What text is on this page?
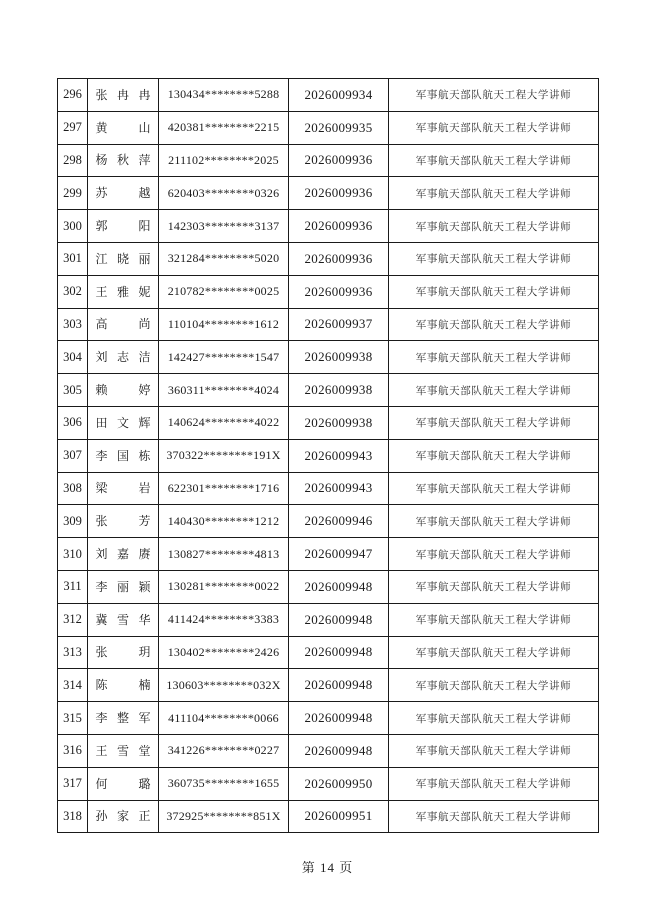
296	张 冉 冉	130434********5288	2026009934	军事航天部队航天工程大学讲师
297	黄 山	420381********2215	2026009935	军事航天部队航天工程大学讲师
298	杨 秋 萍	211102********2025	2026009936	军事航天部队航天工程大学讲师
299	苏 越	620403********0326	2026009936	军事航天部队航天工程大学讲师
300	郭 阳	142303********3137	2026009936	军事航天部队航天工程大学讲师
301	江 晓 丽	321284********5020	2026009936	军事航天部队航天工程大学讲师
302	王 雅 妮	210782********0025	2026009936	军事航天部队航天工程大学讲师
303	高 尚	110104********1612	2026009937	军事航天部队航天工程大学讲师
304	刘 志 洁	142427********1547	2026009938	军事航天部队航天工程大学讲师
305	赖 婷	360311********4024	2026009938	军事航天部队航天工程大学讲师
306	田 文 辉	140624********4022	2026009938	军事航天部队航天工程大学讲师
307	李 国 栋	370322********191X	2026009943	军事航天部队航天工程大学讲师
308	梁 岩	622301********1716	2026009943	军事航天部队航天工程大学讲师
309	张 芳	140430********1212	2026009946	军事航天部队航天工程大学讲师
310	刘 嘉 赓	130827********4813	2026009947	军事航天部队航天工程大学讲师
311	李 丽 颖	130281********0022	2026009948	军事航天部队航天工程大学讲师
312	冀 雪 华	411424********3383	2026009948	军事航天部队航天工程大学讲师
313	张 玥	130402********2426	2026009948	军事航天部队航天工程大学讲师
314	陈 楠	130603********032X	2026009948	军事航天部队航天工程大学讲师
315	李 整 军	411104********0066	2026009948	军事航天部队航天工程大学讲师
316	王 雪 堂	341226********0227	2026009948	军事航天部队航天工程大学讲师
317	何 璐	360735********1655	2026009950	军事航天部队航天工程大学讲师
318	孙 家 正	372925********851X	2026009951	军事航天部队航天工程大学讲师
第 14 页
